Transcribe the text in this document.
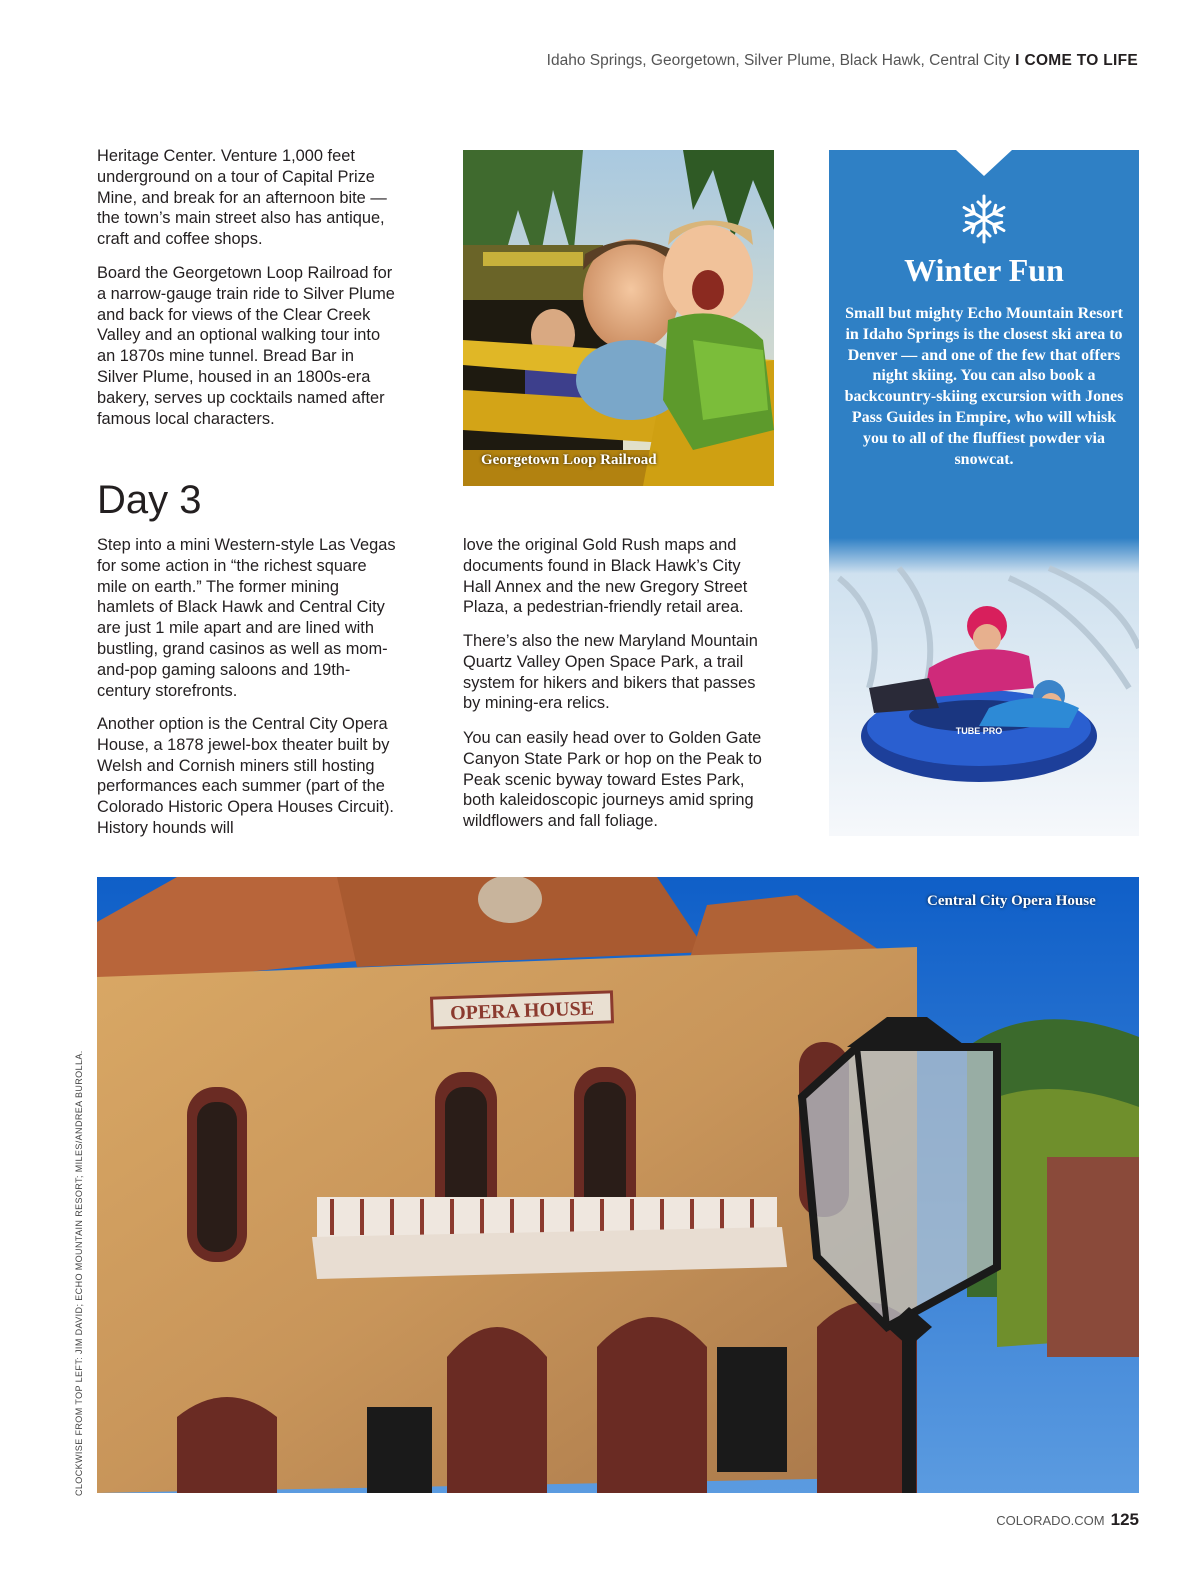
Idaho Springs, Georgetown, Silver Plume, Black Hawk, Central City I COME TO LIFE

Heritage Center. Venture 1,000 feet underground on a tour of Capital Prize Mine, and break for an afternoon bite — the town’s main street also has antique, craft and coffee shops.

Board the Georgetown Loop Railroad for a narrow-gauge train ride to Silver Plume and back for views of the Clear Creek Valley and an optional walking tour into an 1870s mine tunnel. Bread Bar in Silver Plume, housed in an 1800s-era bakery, serves up cocktails named after famous local characters.

Georgetown Loop Railroad
Winter Fun

Small but mighty Echo Mountain Resort in Idaho Springs is the closest ski area to Denver — and one of the few that offers night skiing. You can also book a backcountry-skiing excursion with Jones Pass Guides in Empire, who will whisk you to all of the fluffiest powder via snowcat.

TUBE PRO
Day 3

Step into a mini Western-style Las Vegas for some action in “the richest square mile on earth.” The former mining hamlets of Black Hawk and Central City are just 1 mile apart and are lined with bustling, grand casinos as well as mom-and-pop gaming saloons and 19th-century storefronts.

Another option is the Central City Opera House, a 1878 jewel-box theater built by Welsh and Cornish miners still hosting performances each summer (part of the Colorado Historic Opera Houses Circuit). History hounds will

love the original Gold Rush maps and documents found in Black Hawk’s City Hall Annex and the new Gregory Street Plaza, a pedestrian-friendly retail area.

There’s also the new Maryland Mountain Quartz Valley Open Space Park, a trail system for hikers and bikers that passes by mining-era relics.

You can easily head over to Golden Gate Canyon State Park or hop on the Peak to Peak scenic byway toward Estes Park, both kaleidoscopic journeys amid spring wildflowers and fall foliage.

OPERA HOUSE
Central City Opera House
CLOCKWISE FROM TOP LEFT: JIM DAVID; ECHO MOUNTAIN RESORT; MILES/ANDREA BUROLLA.
COLORADO.COM 125
